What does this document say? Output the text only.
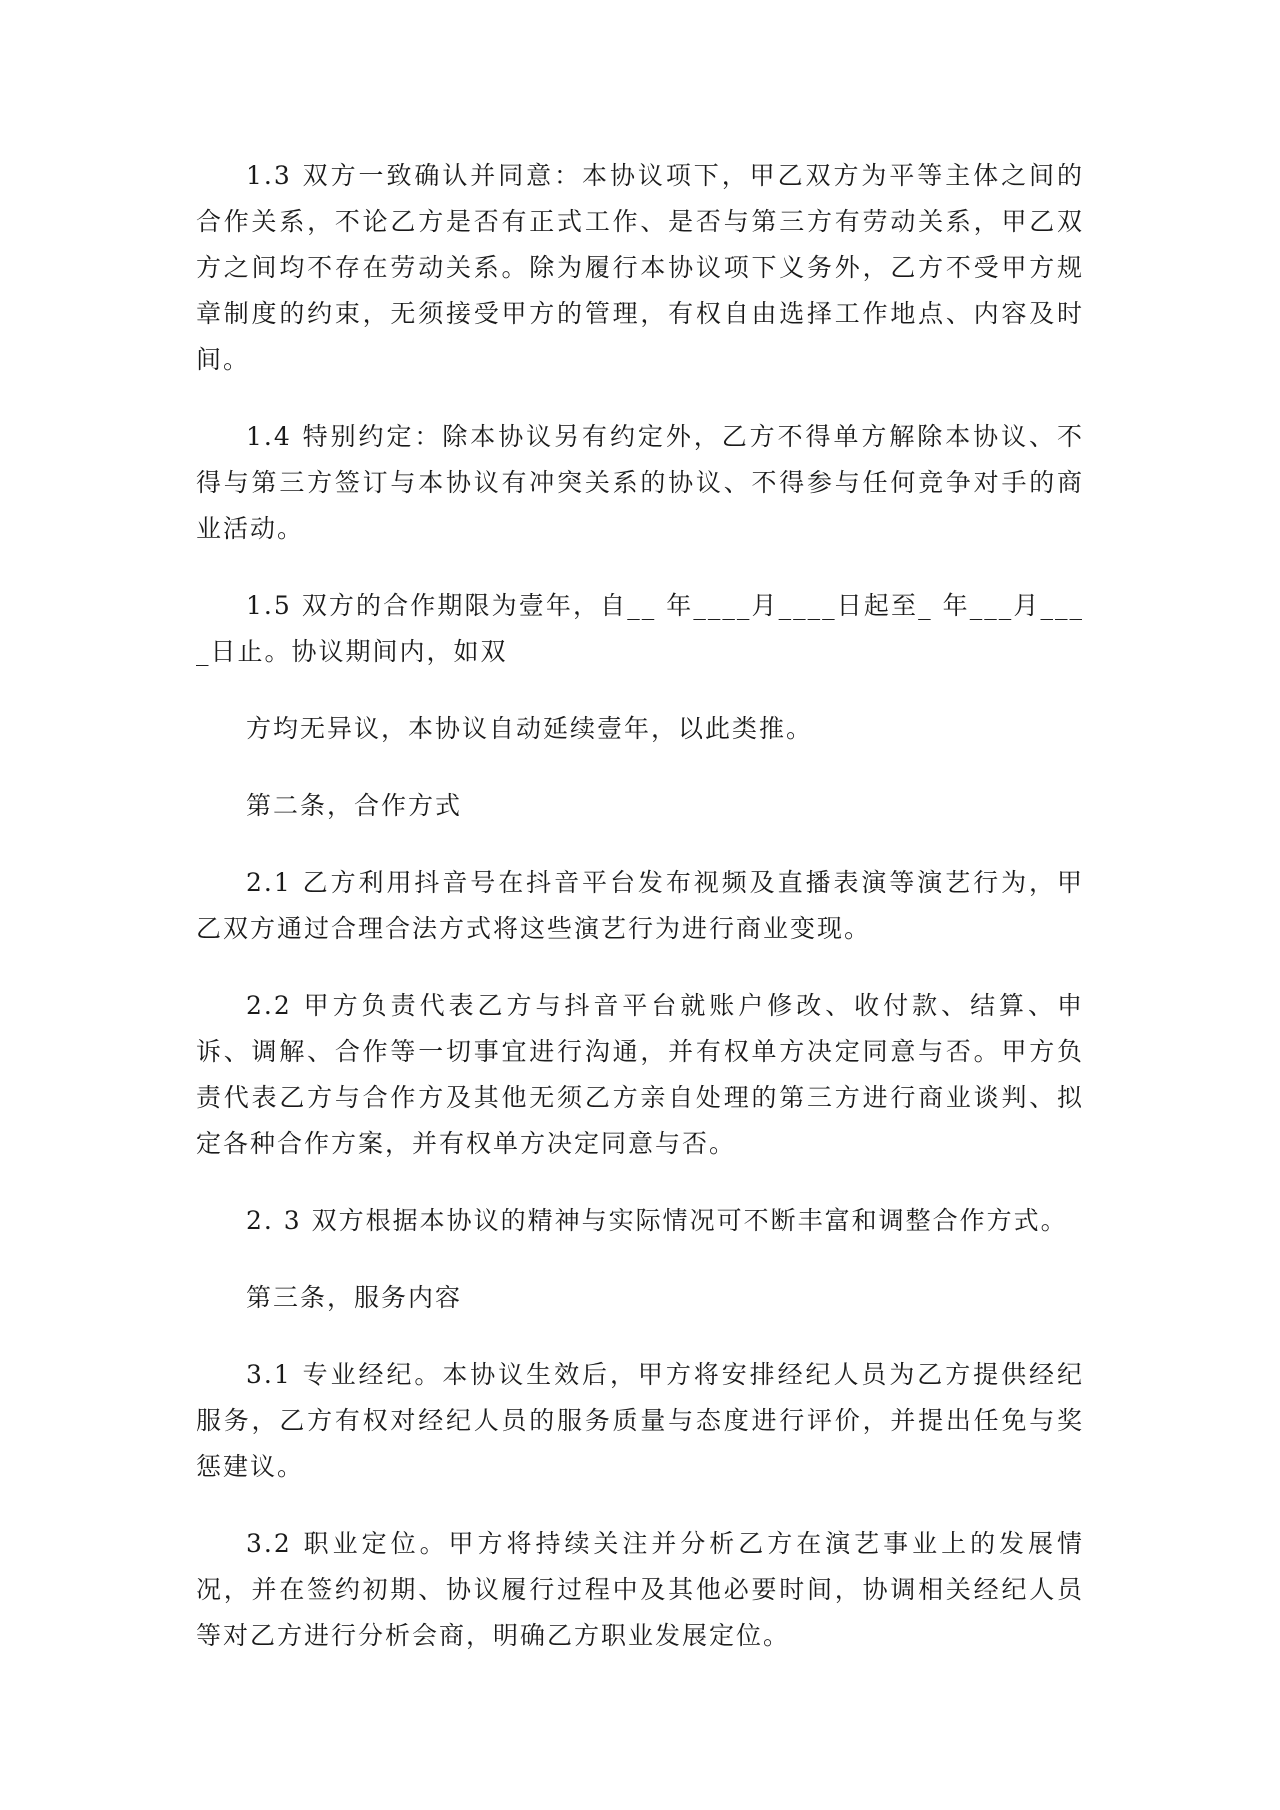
1.3 双方一致确认并同意：本协议项下，甲乙双方为平等主体之间的合作关系，不论乙方是否有正式工作、是否与第三方有劳动关系，甲乙双方之间均不存在劳动关系。除为履行本协议项下义务外，乙方不受甲方规章制度的约束，无须接受甲方的管理，有权自由选择工作地点、内容及时间。

1.4 特别约定：除本协议另有约定外，乙方不得单方解除本协议、不得与第三方签订与本协议有冲突关系的协议、不得参与任何竞争对手的商业活动。

1.5 双方的合作期限为壹年，自__ 年____月____日起至_ 年___月____日止。协议期间内，如双

方均无异议，本协议自动延续壹年，以此类推。

第二条，合作方式

2.1 乙方利用抖音号在抖音平台发布视频及直播表演等演艺行为，甲乙双方通过合理合法方式将这些演艺行为进行商业变现。

2.2 甲方负责代表乙方与抖音平台就账户修改、收付款、结算、申诉、调解、合作等一切事宜进行沟通，并有权单方决定同意与否。甲方负责代表乙方与合作方及其他无须乙方亲自处理的第三方进行商业谈判、拟定各种合作方案，并有权单方决定同意与否。

2. 3 双方根据本协议的精神与实际情况可不断丰富和调整合作方式。

第三条，服务内容

3.1 专业经纪。本协议生效后，甲方将安排经纪人员为乙方提供经纪服务，乙方有权对经纪人员的服务质量与态度进行评价，并提出任免与奖惩建议。

3.2 职业定位。甲方将持续关注并分析乙方在演艺事业上的发展情况，并在签约初期、协议履行过程中及其他必要时间，协调相关经纪人员等对乙方进行分析会商，明确乙方职业发展定位。
